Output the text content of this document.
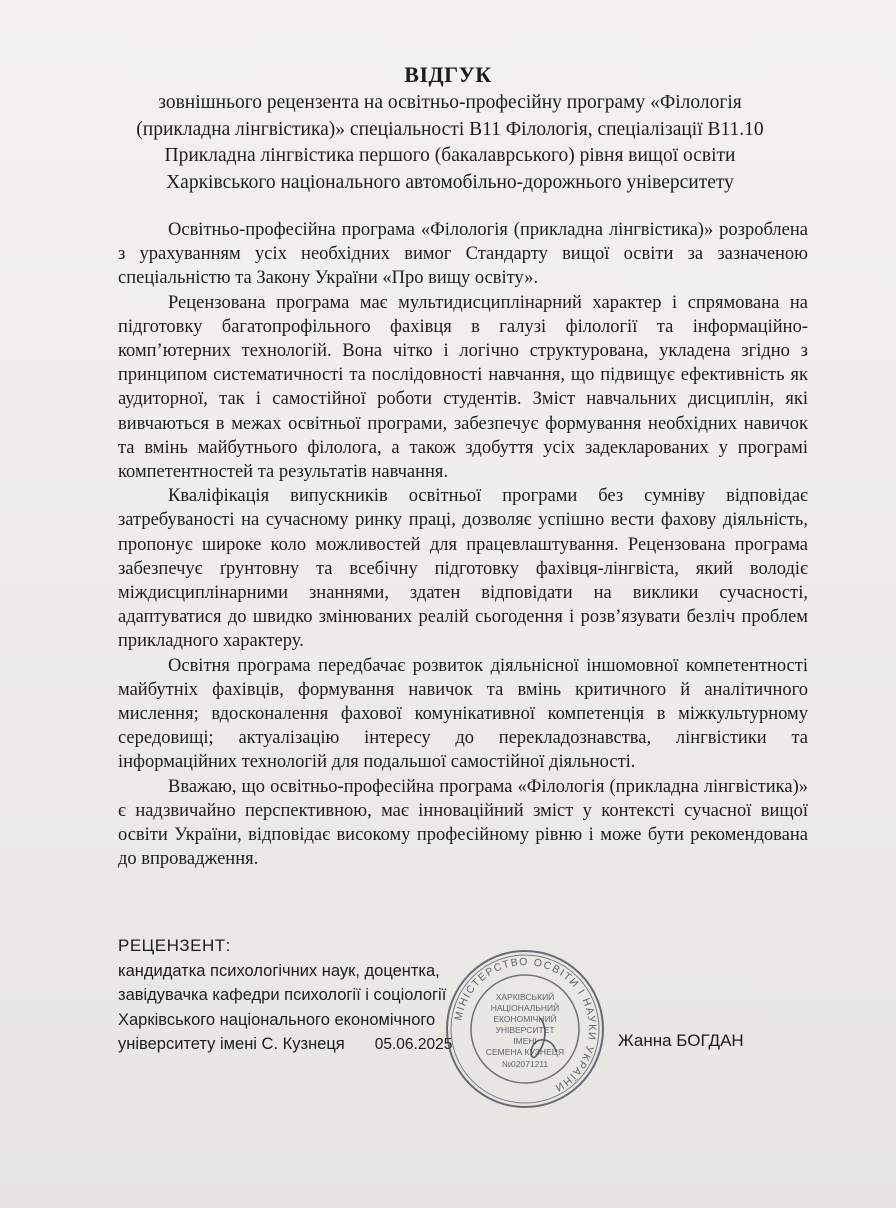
ВІДГУК
зовнішнього рецензента на освітньо-професійну програму «Філологія
(прикладна лінгвістика)» спеціальності В11 Філологія, спеціалізації В11.10
Прикладна лінгвістика першого (бакалаврського) рівня вищої освіти
Харківського національного автомобільно-дорожнього університету

Освітньо-професійна програма «Філологія (прикладна лінгвістика)» розроблена з урахуванням усіх необхідних вимог Стандарту вищої освіти за зазначеною спеціальністю та Закону України «Про вищу освіту».

Рецензована програма має мультидисциплінарний характер і спрямована на підготовку багатопрофільного фахівця в галузі філології та інформаційно-комп’ютерних технологій. Вона чітко і логічно структурована, укладена згідно з принципом систематичності та послідовності навчання, що підвищує ефективність як аудиторної, так і самостійної роботи студентів. Зміст навчальних дисциплін, які вивчаються в межах освітньої програми, забезпечує формування необхідних навичок та вмінь майбутнього філолога, а також здобуття усіх задекларованих у програмі компетентностей та результатів навчання.

Кваліфікація випускників освітньої програми без сумніву відповідає затребуваності на сучасному ринку праці, дозволяє успішно вести фахову діяльність, пропонує широке коло можливостей для працевлаштування. Рецензована програма забезпечує ґрунтовну та всебічну підготовку фахівця-лінгвіста, який володіє міждисциплінарними знаннями, здатен відповідати на виклики сучасності, адаптуватися до швидко змінюваних реалій сьогодення і розв’язувати безліч проблем прикладного характеру.

Освітня програма передбачає розвиток діяльнісної іншомовної компетентності майбутніх фахівців, формування навичок та вмінь критичного й аналітичного мислення; вдосконалення фахової комунікативної компетенція в міжкультурному середовищі; актуалізацію інтересу до перекладознавства, лінгвістики та інформаційних технологій для подальшої самостійної діяльності.

Вважаю, що освітньо-професійна програма «Філологія (прикладна лінгвістика)» є надзвичайно перспективною, має інноваційний зміст у контексті сучасної вищої освіти України, відповідає високому професійному рівню і може бути рекомендована до впровадження.

РЕЦЕНЗЕНТ:
кандидатка психологічних наук, доцентка,
завідувачка кафедри психології і соціології
Харківського національного економічного
університету імені С. Кузнеця 05.06.2025
МІНІСТЕРСТВО ОСВІТИ І НАУКИ УКРАЇНИ
ХАРКІВСЬКИЙ
НАЦІОНАЛЬНИЙ
ЕКОНОМІЧНИЙ
УНІВЕРСИТЕТ
ІМЕНІ
СЕМЕНА КУЗНЕЦЯ
№02071211
Жанна БОГДАН
